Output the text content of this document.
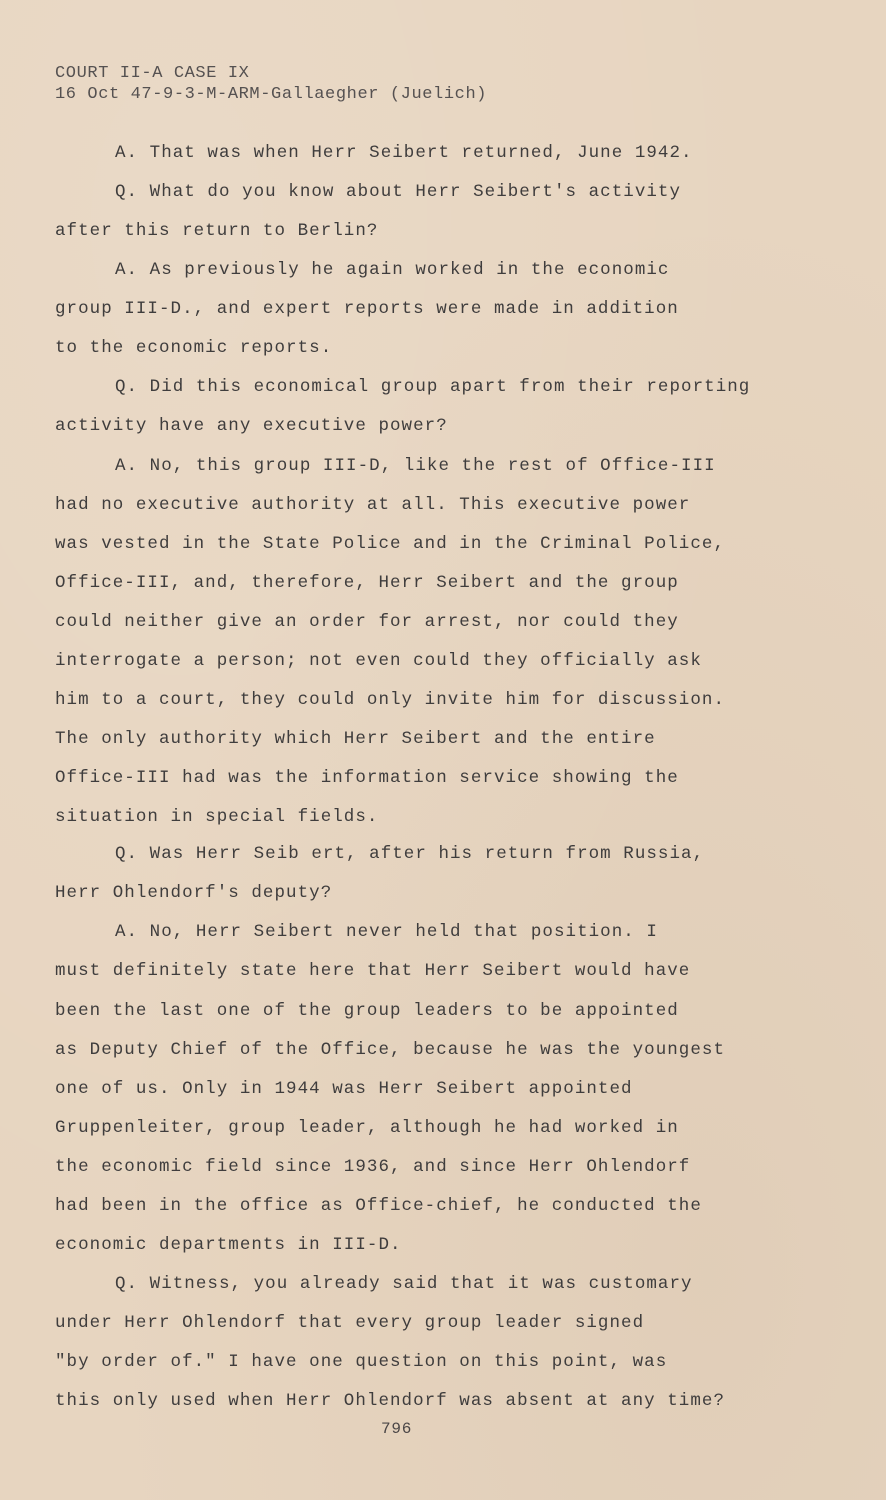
COURT II-A CASE IX
16 Oct 47-9-3-M-ARM-Gallaegher (Juelich)
A. That was when Herr Seibert returned, June 1942.
Q. What do you know about Herr Seibert's activity
after this return to Berlin?
A. As previously he again worked in the economic
group III-D., and expert reports were made in addition
to the economic reports.
Q. Did this economical group apart from their reporting
activity have any executive power?
A. No, this group III-D, like the rest of Office-III
had no executive authority at all. This executive power
was vested in the State Police and in the Criminal Police,
Office-III, and, therefore, Herr Seibert and the group
could neither give an order for arrest, nor could they
interrogate a person; not even could they officially ask
him to a court, they could only invite him for discussion.
The only authority which Herr Seibert and the entire
Office-III had was the information service showing the
situation in special fields.
Q. Was Herr Seib ert, after his return from Russia,
Herr Ohlendorf's deputy?
A. No, Herr Seibert never held that position. I
must definitely state here that Herr Seibert would have
been the last one of the group leaders to be appointed
as Deputy Chief of the Office, because he was the youngest
one of us. Only in 1944 was Herr Seibert appointed
Gruppenleiter, group leader, although he had worked in
the economic field since 1936, and since Herr Ohlendorf
had been in the office as Office-chief, he conducted the
economic departments in III-D.
Q. Witness, you already said that it was customary
under Herr Ohlendorf that every group leader signed
"by order of." I have one question on this point, was
this only used when Herr Ohlendorf was absent at any time?
796
